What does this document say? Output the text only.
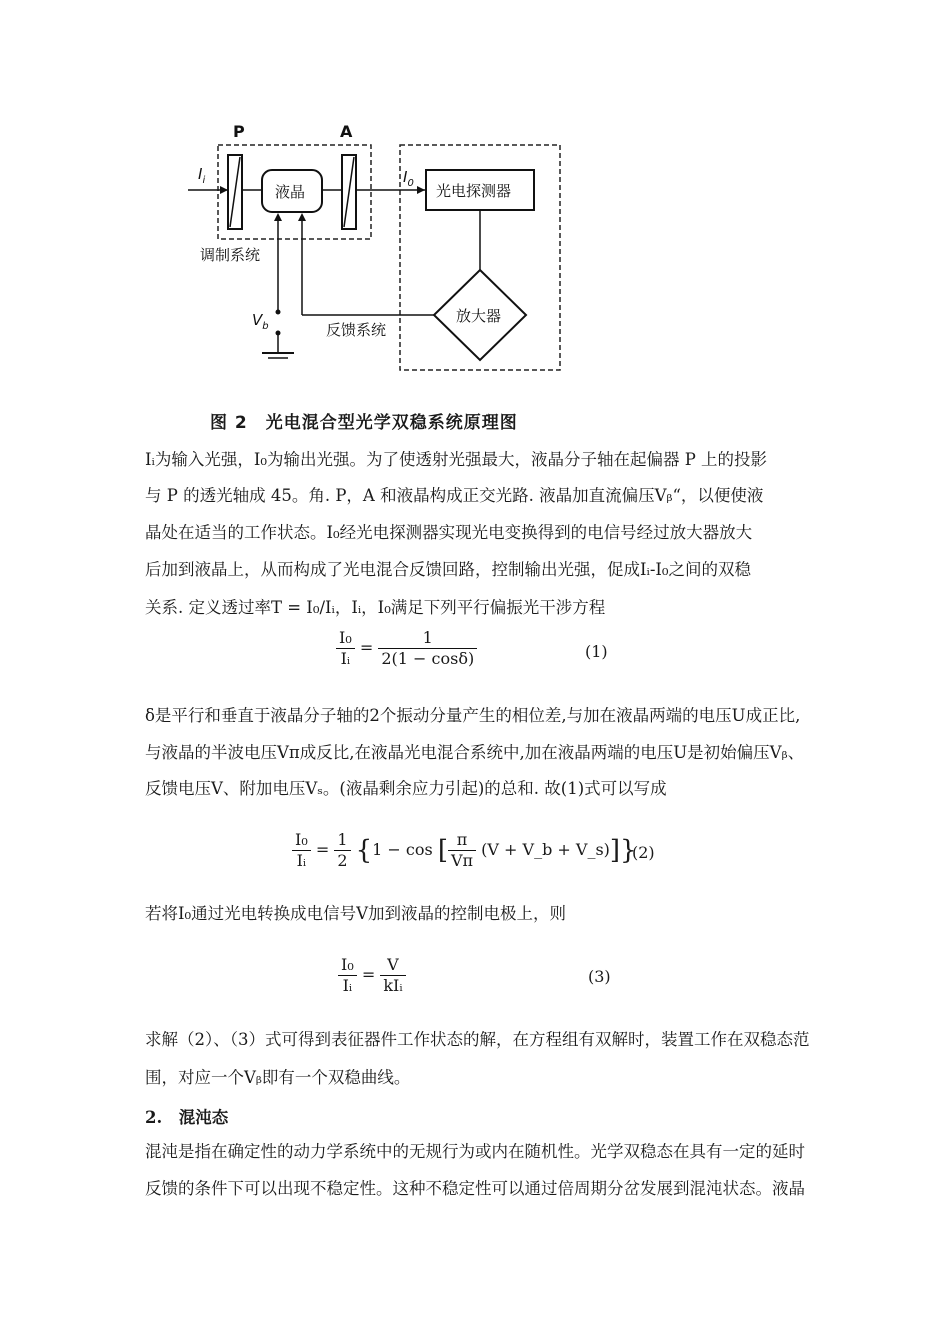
P	A
液晶
$I_i$	$I_0$ 光电探测器
放大器
反馈系统
$V_b$
调制系统
图 2　光电混合型光学双稳系统原理图
Iᵢ为输入光强，I₀为输出光强。为了使透射光强最大，液晶分子轴在起偏器 P 上的投影
与 P 的透光轴成 45。角. P，A 和液晶构成正交光路. 液晶加直流偏压Vᵦ“，以便使液
晶处在适当的工作状态。I₀经光电探测器实现光电变换得到的电信号经过放大器放大
后加到液晶上，从而构成了光电混合反馈回路，控制输出光强，促成Iᵢ-I₀之间的双稳
关系. 定义透过率T = I₀/Iᵢ，Iᵢ，I₀满足下列平行偏振光干涉方程
$\frac{\text{I₀}}{\text{Iᵢ}} = \frac{1}{2(1 - \cos\delta)}$	(1)
δ是平行和垂直于液晶分子轴的2个振动分量产生的相位差,与加在液晶两端的电压U成正比,
与液晶的半波电压Vπ成反比,在液晶光电混合系统中,加在液晶两端的电压U是初始偏压Vᵦ、
反馈电压V、附加电压Vₛ。(液晶剩余应力引起)的总和. 故(1)式可以写成
$\frac{\text{I₀}}{\text{Iᵢ}} = \frac{1}{2} \{1 - \cos$ [ $\frac{\pi}{V\pi} (V$ + V_b + V_s)]}
(2)
若将I₀通过光电转换成电信号V加到液晶的控制电极上，则
$\frac{\text{I₀}}{\text{Iᵢ}} = \frac{V}{\text{kIᵢ}}$	(3)
求解（2）、（3）式可得到表征器件工作状态的解，在方程组有双解时，装置工作在双稳态范
围，对应一个Vᵦ即有一个双稳曲线。
2.　混沌态
混沌是指在确定性的动力学系统中的无规行为或内在随机性。光学双稳态在具有一定的延时
反馈的条件下可以出现不稳定性。这种不稳定性可以通过倍周期分岔发展到混沌状态。液晶
